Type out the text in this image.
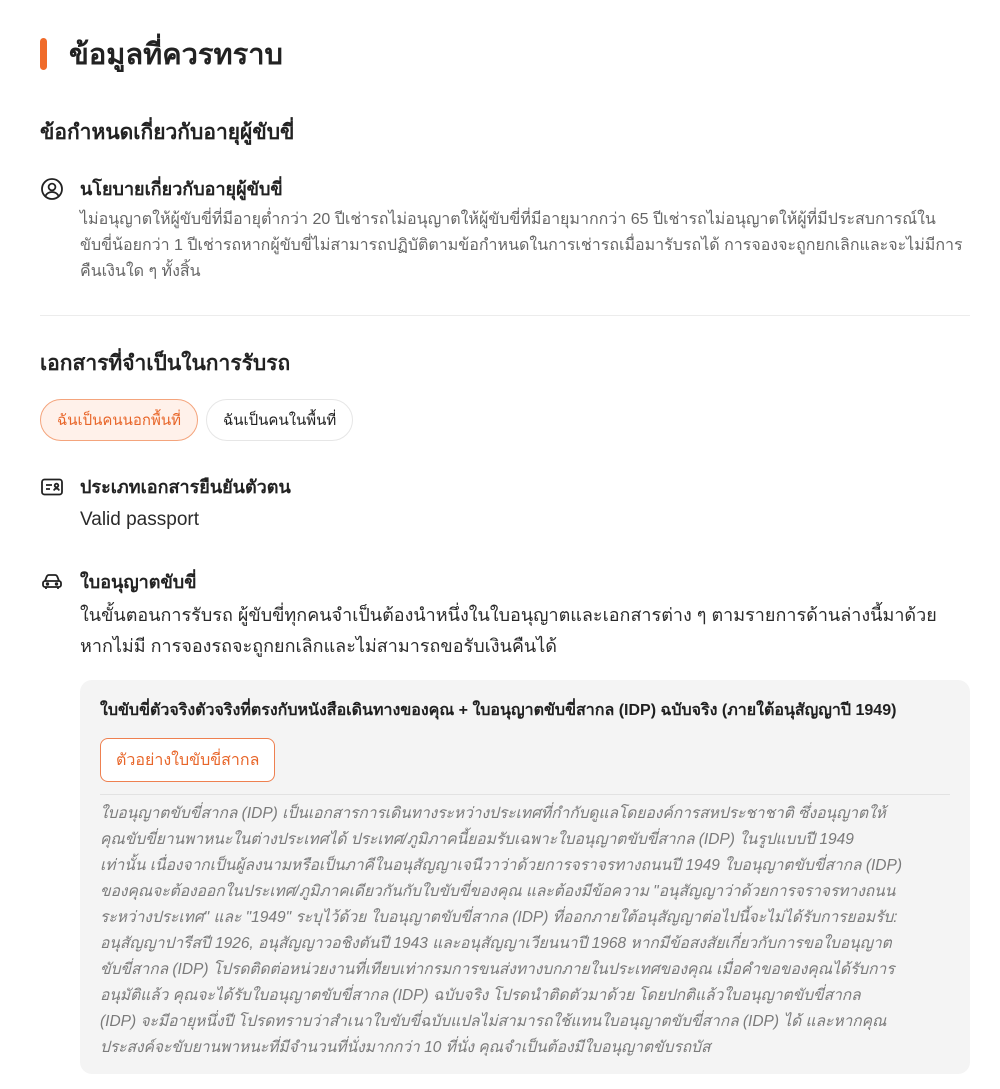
ข้อมูลที่ควรทราบ
ข้อกำหนดเกี่ยวกับอายุผู้ขับขี่
นโยบายเกี่ยวกับอายุผู้ขับขี่
ไม่อนุญาตให้ผู้ขับขี่ที่มีอายุต่ำกว่า 20 ปีเช่ารถไม่อนุญาตให้ผู้ขับขี่ที่มีอายุมากกว่า 65 ปีเช่ารถไม่อนุญาตให้ผู้ที่มีประสบการณ์ใน
ขับขี่น้อยกว่า 1 ปีเช่ารถหากผู้ขับขี่ไม่สามารถปฏิบัติตามข้อกำหนดในการเช่ารถเมื่อมารับรถได้ การจองจะถูกยกเลิกและจะไม่มีการ
คืนเงินใด ๆ ทั้งสิ้น
เอกสารที่จำเป็นในการรับรถ
ฉันเป็นคนนอกพื้นที่	ฉันเป็นคนในพื้นที่
ประเภทเอกสารยืนยันตัวตน
Valid passport
ใบอนุญาตขับขี่
ในขั้นตอนการรับรถ ผู้ขับขี่ทุกคนจำเป็นต้องนำหนึ่งในใบอนุญาตและเอกสารต่าง ๆ ตามรายการด้านล่างนี้มาด้วย
หากไม่มี การจองรถจะถูกยกเลิกและไม่สามารถขอรับเงินคืนได้
ใบขับขี่ตัวจริงตัวจริงที่ตรงกับหนังสือเดินทางของคุณ + ใบอนุญาตขับขี่สากล (IDP) ฉบับจริง (ภายใต้อนุสัญญาปี 1949)
ตัวอย่างใบขับขี่สากล
ใบอนุญาตขับขี่สากล (IDP) เป็นเอกสารการเดินทางระหว่างประเทศที่กำกับดูแลโดยองค์การสหประชาชาติ ซึ่งอนุญาตให้
คุณขับขี่ยานพาหนะในต่างประเทศได้ ประเทศ/ภูมิภาคนี้ยอมรับเฉพาะใบอนุญาตขับขี่สากล (IDP) ในรูปแบบปี 1949
เท่านั้น เนื่องจากเป็นผู้ลงนามหรือเป็นภาคีในอนุสัญญาเจนีวาว่าด้วยการจราจรทางถนนปี 1949 ใบอนุญาตขับขี่สากล (IDP)
ของคุณจะต้องออกในประเทศ/ภูมิภาคเดียวกันกับใบขับขี่ของคุณ และต้องมีข้อความ "อนุสัญญาว่าด้วยการจราจรทางถนน
ระหว่างประเทศ" และ "1949" ระบุไว้ด้วย ใบอนุญาตขับขี่สากล (IDP) ที่ออกภายใต้อนุสัญญาต่อไปนี้จะไม่ได้รับการยอมรับ:
อนุสัญญาปารีสปี 1926, อนุสัญญาวอชิงตันปี 1943 และอนุสัญญาเวียนนาปี 1968 หากมีข้อสงสัยเกี่ยวกับการขอใบอนุญาต
ขับขี่สากล (IDP) โปรดติดต่อหน่วยงานที่เทียบเท่ากรมการขนส่งทางบกภายในประเทศของคุณ เมื่อคำขอของคุณได้รับการ
อนุมัติแล้ว คุณจะได้รับใบอนุญาตขับขี่สากล (IDP) ฉบับจริง โปรดนำติดตัวมาด้วย โดยปกติแล้วใบอนุญาตขับขี่สากล
(IDP) จะมีอายุหนึ่งปี โปรดทราบว่าสำเนาใบขับขี่ฉบับแปลไม่สามารถใช้แทนใบอนุญาตขับขี่สากล (IDP) ได้ และหากคุณ
ประสงค์จะขับยานพาหนะที่มีจำนวนที่นั่งมากกว่า 10 ที่นั่ง คุณจำเป็นต้องมีใบอนุญาตขับรถบัส
